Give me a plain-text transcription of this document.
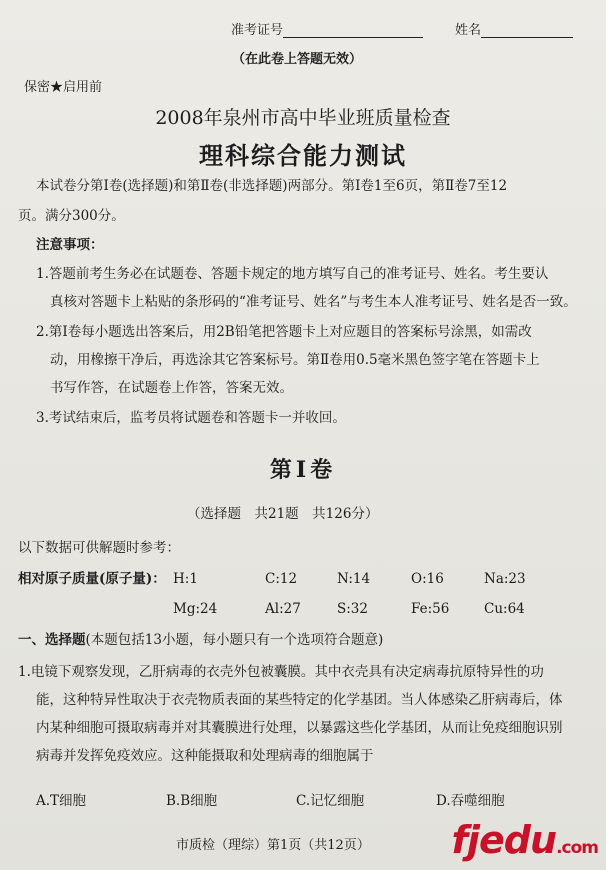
准考证号	姓名
（在此卷上答题无效）
保密★启用前
2008年泉州市高中毕业班质量检查
理科综合能力测试
本试卷分第Ⅰ卷(选择题)和第Ⅱ卷(非选择题)两部分。第Ⅰ卷1至6页，第Ⅱ卷7至12
页。满分300分。
注意事项：
1.答题前考生务必在试题卷、答题卡规定的地方填写自己的准考证号、姓名。考生要认
真核对答题卡上粘贴的条形码的“准考证号、姓名”与考生本人准考证号、姓名是否一致。
2.第Ⅰ卷每小题选出答案后，用2B铅笔把答题卡上对应题目的答案标号涂黑，如需改
动，用橡擦干净后，再选涂其它答案标号。第Ⅱ卷用0.5毫米黑色签字笔在答题卡上
书写作答，在试题卷上作答，答案无效。
3.考试结束后，监考员将试题卷和答题卡一并收回。
第Ⅰ卷
（选择题　共21题　共126分）
以下数据可供解题时参考：
相对原子质量(原子量)： H:1	C:12	N:14	O:16	Na:23
Mg:24	Al:27	S:32	Fe:56	Cu:64
一、选择题(本题包括13小题，每小题只有一个选项符合题意)
1.电镜下观察发现，乙肝病毒的衣壳外包被囊膜。其中衣壳具有决定病毒抗原特异性的功
能，这种特异性取决于衣壳物质表面的某些特定的化学基团。当人体感染乙肝病毒后，体
内某种细胞可摄取病毒并对其囊膜进行处理，以暴露这些化学基团，从而让免疫细胞识别
病毒并发挥免疫效应。这种能摄取和处理病毒的细胞属于
A.T细胞	B.B细胞	C.记忆细胞	D.吞噬细胞
市质检（理综）第1页（共12页） fjedu.com
